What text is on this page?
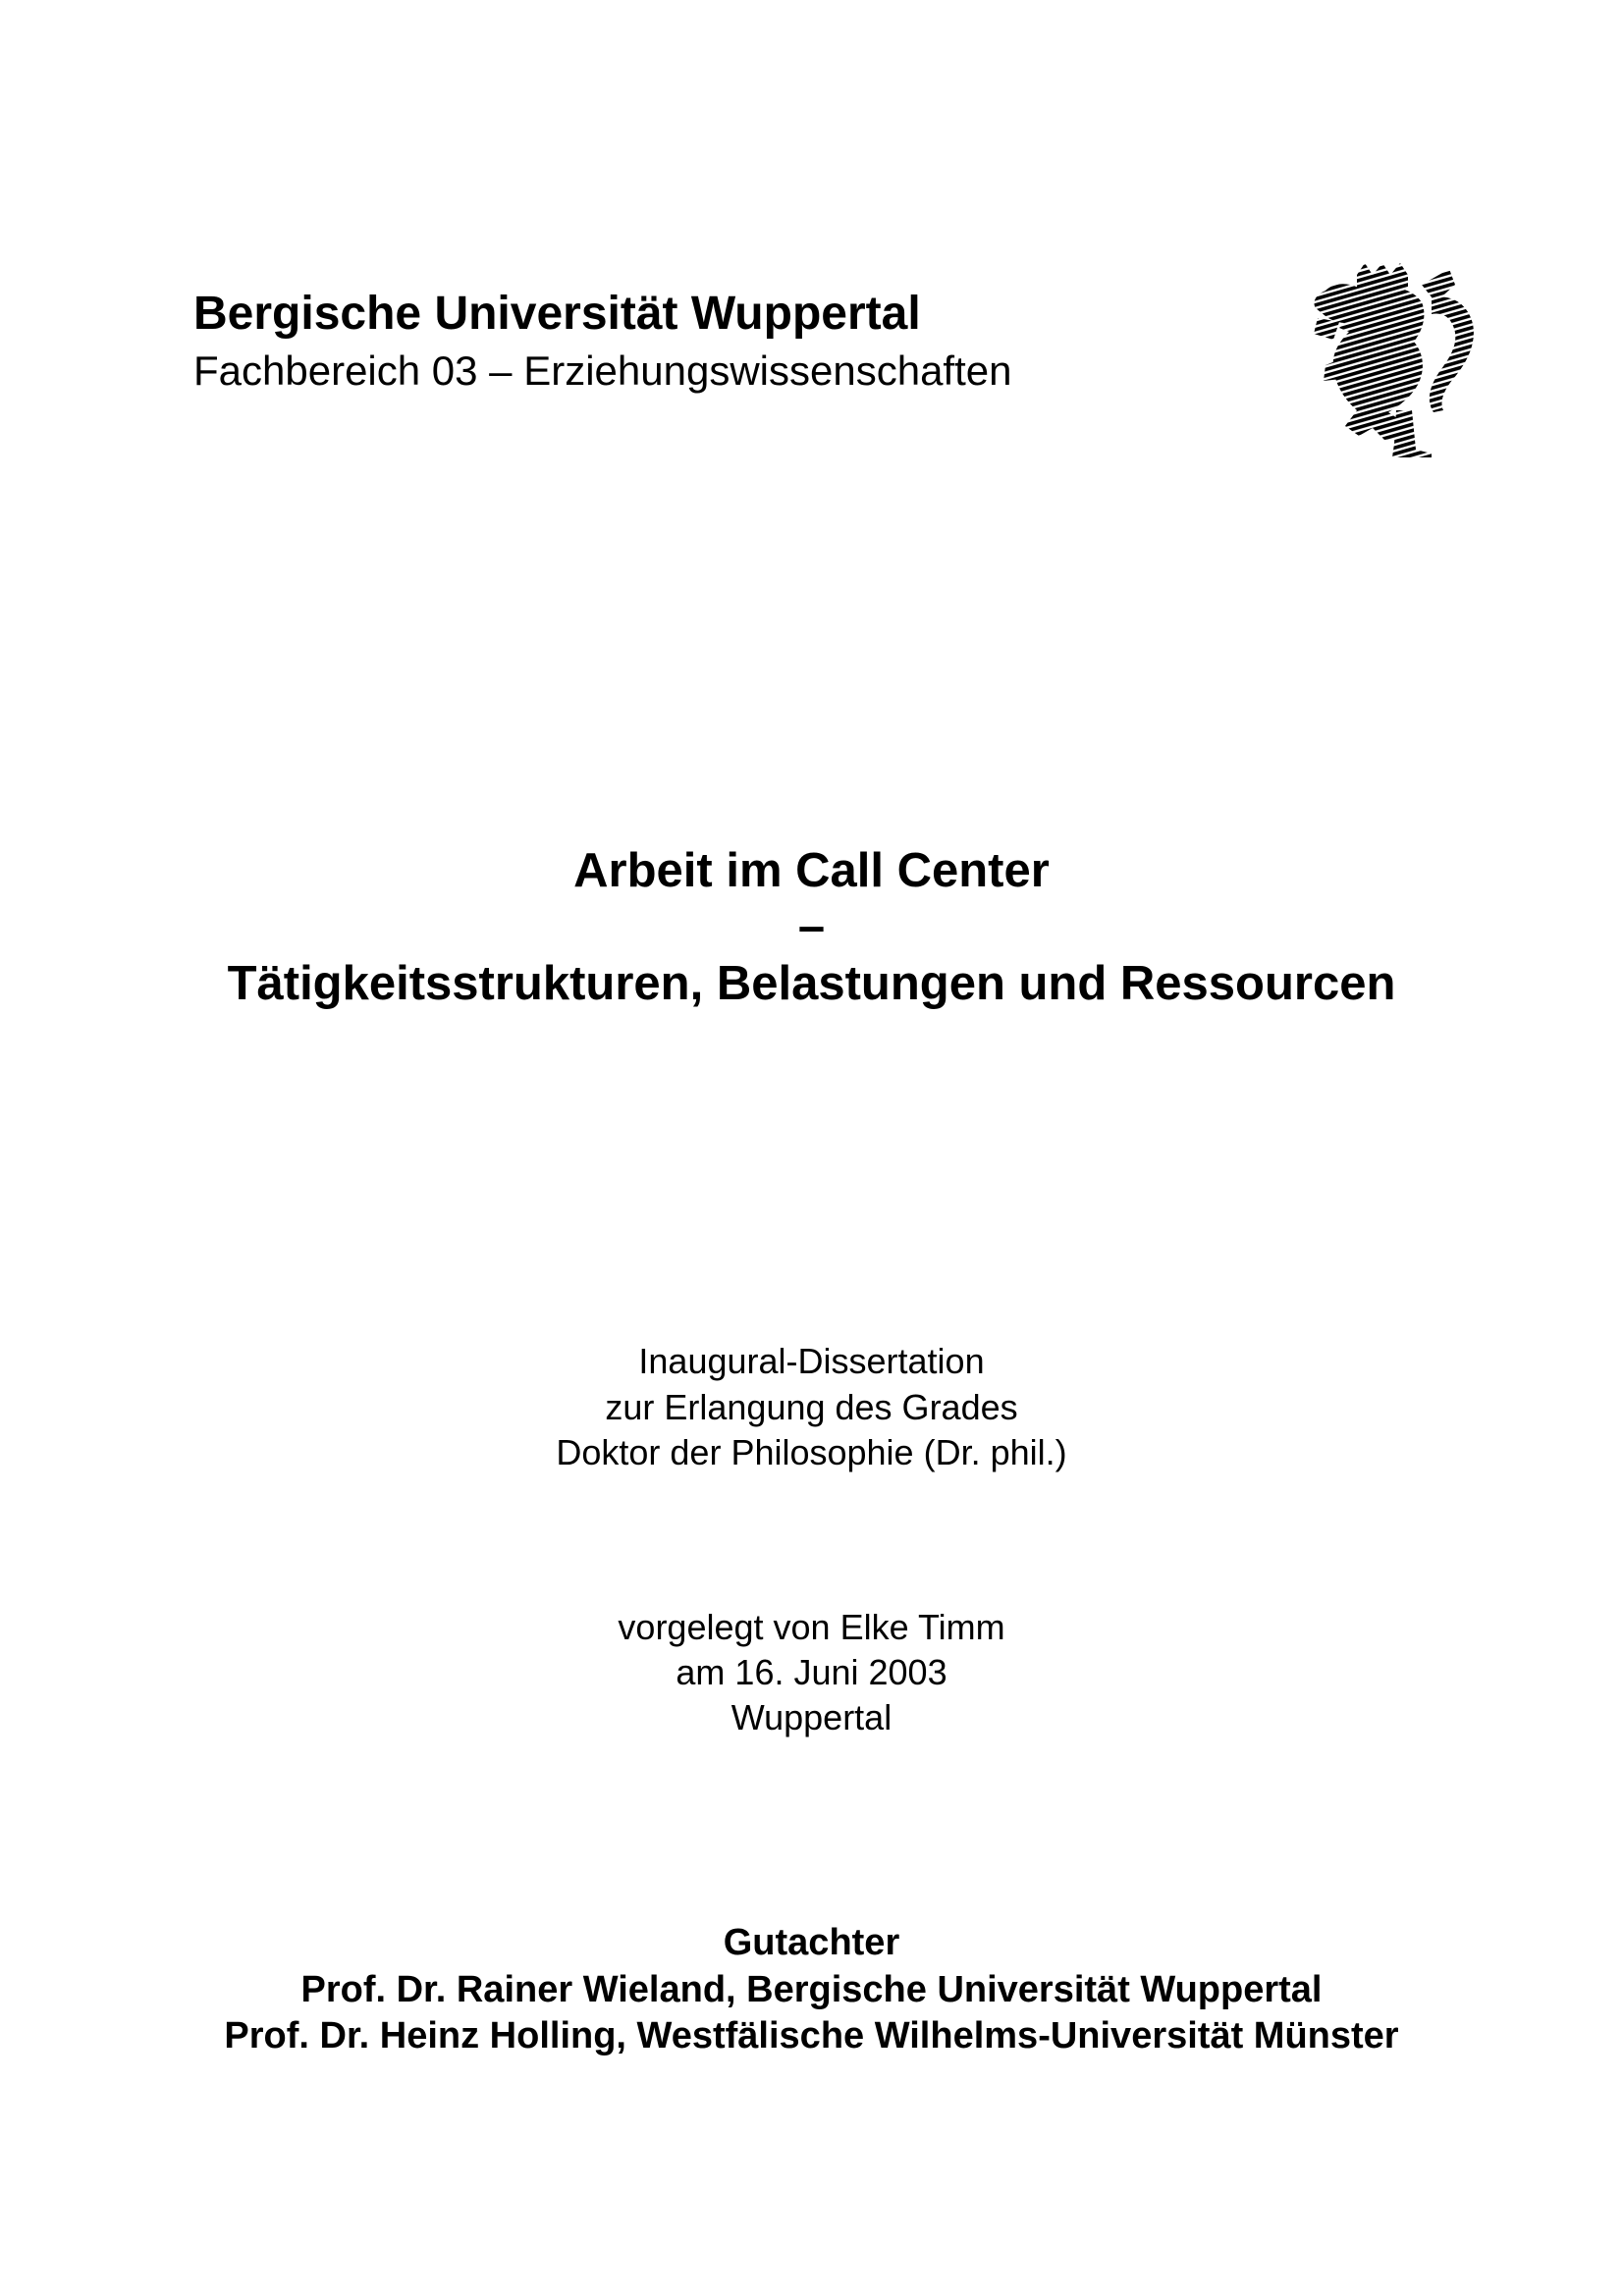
Bergische Universität Wuppertal
Fachbereich 03 – Erziehungswissenschaften
Arbeit im Call Center
–
Tätigkeitsstrukturen, Belastungen und Ressourcen
Inaugural-Dissertation
zur Erlangung des Grades
Doktor der Philosophie (Dr. phil.)
vorgelegt von Elke Timm
am 16. Juni 2003
Wuppertal
Gutachter
Prof. Dr. Rainer Wieland, Bergische Universität Wuppertal
Prof. Dr. Heinz Holling, Westfälische Wilhelms-Universität Münster
